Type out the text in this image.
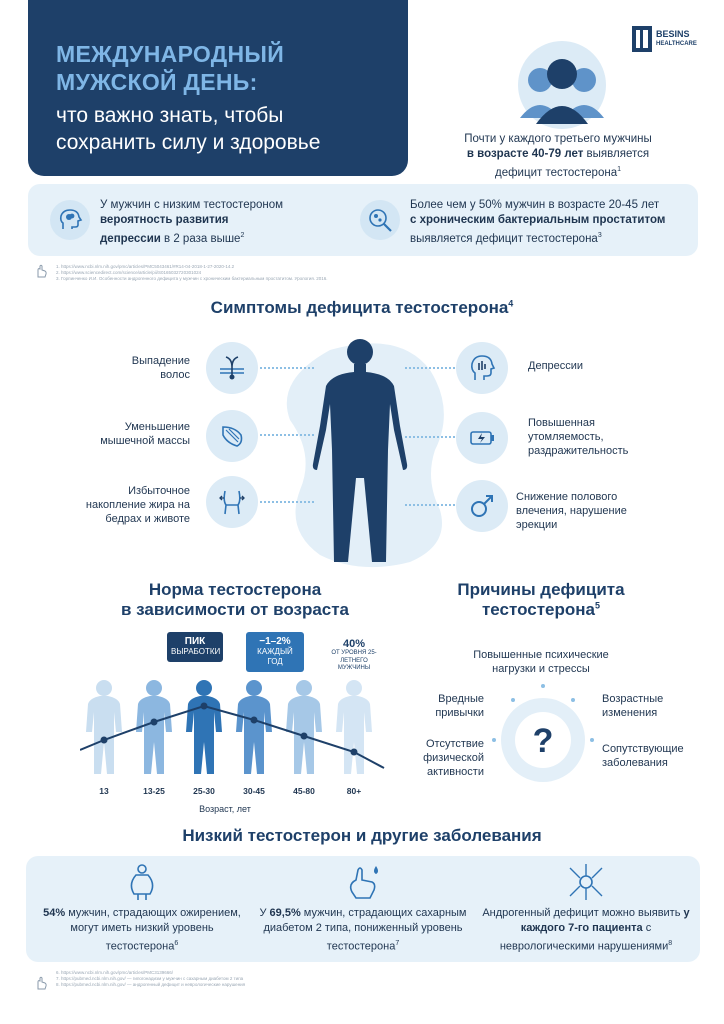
МЕЖДУНАРОДНЫЙ
МУЖСКОЙ ДЕНЬ:
что важно знать, чтобы
сохранить силу и здоровье
BESINS
HEALTHCARE
Почти у каждого третьего мужчины
в возрасте 40-79 лет выявляется
дефицит тестостерона$^1$
У мужчин с низким тестостероном
вероятность развития
депрессии в 2 раза выше$^2$
Более чем у 50% мужчин в возрасте 20-45 лет
с хроническим бактериальным простатитом
выявляется дефицит тестостерона$^3$
1. https://www.ncbi.nlm.nih.gov/pmc/articles/PMC5043461/#R14-04-2018-1-27-2020-14.2
2. https://www.sciencedirect.com/science/article/pii/S0165032720301024
3. Горпинченко И.И. Особенности андрогенного дефицита у мужчин с хроническим бактериальным простатитом. Урология. 2016.
Симптомы дефицита тестостерона$^4$
Выпадение волос
Уменьшение мышечной массы
Избыточное накопление жира на бедрах и животе
Депрессии
Повышенная утомляемость, раздражительность
Снижение полового влечения, нарушение эрекции
Норма тестостерона
в зависимости от возраста
ПИК
ВЫРАБОТКИ
−1–2%
КАЖДЫЙ ГОД
40%
ОТ УРОВНЯ 25-ЛЕТНЕГО МУЖЧИНЫ
13	13-25	25-30	30-45	45-80	80+
Возраст, лет
Причины дефицита
тестостерона$^5$
Повышенные психические нагрузки и стрессы
?
Вредные привычки
Отсутствие физической активности
Возрастные изменения
Сопутствующие заболевания
Низкий тестостерон и другие заболевания
54% мужчин, страдающих ожирением, могут иметь низкий уровень тестостерона$^6$
У 69,5% мужчин, страдающих сахарным диабетом 2 типа, пониженный уровень тестостерона$^7$
Андрогенный дефицит можно выявить у каждого 7-го пациента с неврологическими нарушениями$^8$
6. https://www.ncbi.nlm.nih.gov/pmc/articles/PMC3139666/
7. https://pubmed.ncbi.nlm.nih.gov/ — гипогонадизм у мужчин с сахарным диабетом 2 типа
8. https://pubmed.ncbi.nlm.nih.gov/ — андрогенный дефицит и неврологические нарушения
